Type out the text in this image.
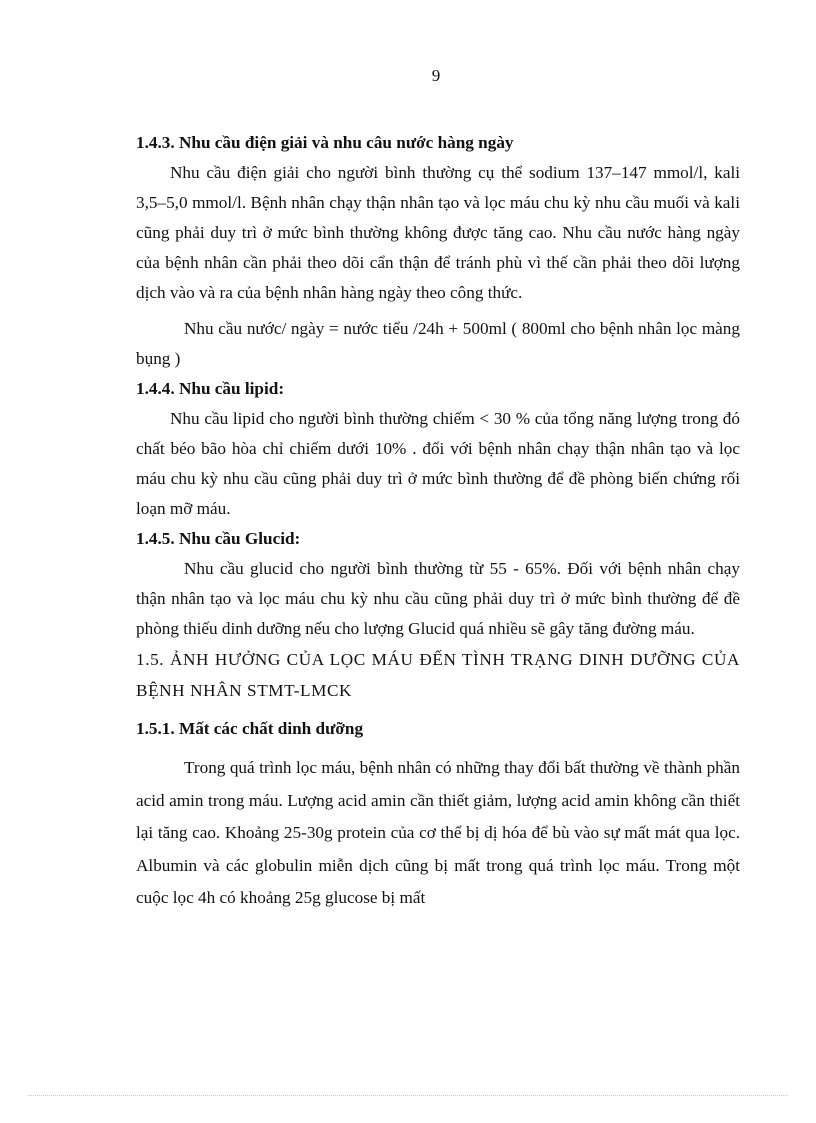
9

1.4.3. Nhu cầu điện giải và nhu câu nước hàng ngày

Nhu cầu điện giải cho người bình thường cụ thể sodium 137–147 mmol/l, kali 3,5–5,0 mmol/l. Bệnh nhân chạy thận nhân tạo và lọc máu chu kỳ nhu cầu muối và kali cũng phải duy trì ở mức bình thường không được tăng cao. Nhu cầu nước hàng ngày của bệnh nhân cần phải theo dõi cẩn thận để tránh phù vì thế cần phải theo dõi lượng dịch vào và ra của bệnh nhân hàng ngày theo công thức.

Nhu cầu nước/ ngày = nước tiểu /24h + 500ml ( 800ml cho bệnh nhân lọc màng bụng )

1.4.4. Nhu cầu lipid:

Nhu cầu lipid cho người bình thường chiếm < 30 % của tổng năng lượng trong đó chất béo bão hòa chỉ chiếm dưới 10% . đối với bệnh nhân chạy thận nhân tạo và lọc máu chu kỳ nhu cầu cũng phải duy trì ở mức bình thường để đề phòng biến chứng rối loạn mỡ máu.

1.4.5. Nhu cầu Glucid:

Nhu cầu glucid cho người bình thường từ 55 - 65%. Đối với bệnh nhân chạy thận nhân tạo và lọc máu chu kỳ nhu cầu cũng phải duy trì ở mức bình thường để đề phòng thiếu dinh dưỡng nếu cho lượng Glucid quá nhiều sẽ gây tăng đường máu.

1.5. ẢNH HƯỞNG CỦA LỌC MÁU ĐẾN TÌNH TRẠNG DINH DƯỠNG CỦA BỆNH NHÂN STMT-LMCK

1.5.1. Mất các chất dinh dưỡng

Trong quá trình lọc máu, bệnh nhân có những thay đổi bất thường về thành phần acid amin trong máu. Lượng acid amin cần thiết giảm, lượng acid amin không cần thiết lại tăng cao. Khoảng 25-30g protein của cơ thể bị dị hóa để bù vào sự mất mát qua lọc. Albumin và các globulin miễn dịch cũng bị mất trong quá trình lọc máu. Trong một cuộc lọc 4h có khoảng 25g glucose bị mất
